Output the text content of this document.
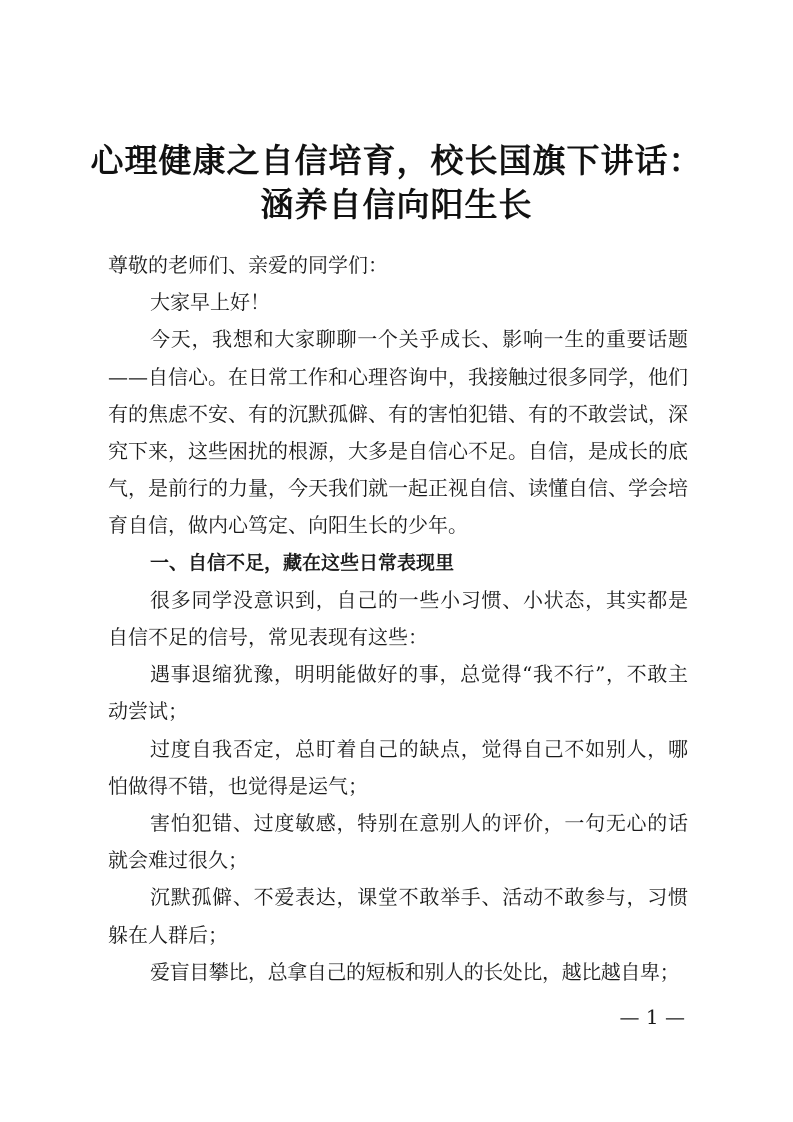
心理健康之自信培育，校长国旗下讲话：
涵养自信向阳生长

尊敬的老师们、亲爱的同学们：

大家早上好！

今天，我想和大家聊聊一个关乎成长、影响一生的重要话题——自信心。在日常工作和心理咨询中，我接触过很多同学，他们有的焦虑不安、有的沉默孤僻、有的害怕犯错、有的不敢尝试，深究下来，这些困扰的根源，大多是自信心不足。自信，是成长的底气，是前行的力量，今天我们就一起正视自信、读懂自信、学会培育自信，做内心笃定、向阳生长的少年。

一、自信不足，藏在这些日常表现里

很多同学没意识到，自己的一些小习惯、小状态，其实都是自信不足的信号，常见表现有这些：

遇事退缩犹豫，明明能做好的事，总觉得“我不行”，不敢主动尝试；

过度自我否定，总盯着自己的缺点，觉得自己不如别人，哪怕做得不错，也觉得是运气；

害怕犯错、过度敏感，特别在意别人的评价，一句无心的话就会难过很久；

沉默孤僻、不爱表达，课堂不敢举手、活动不敢参与，习惯躲在人群后；

爱盲目攀比，总拿自己的短板和别人的长处比，越比越自卑；

— 1 —
